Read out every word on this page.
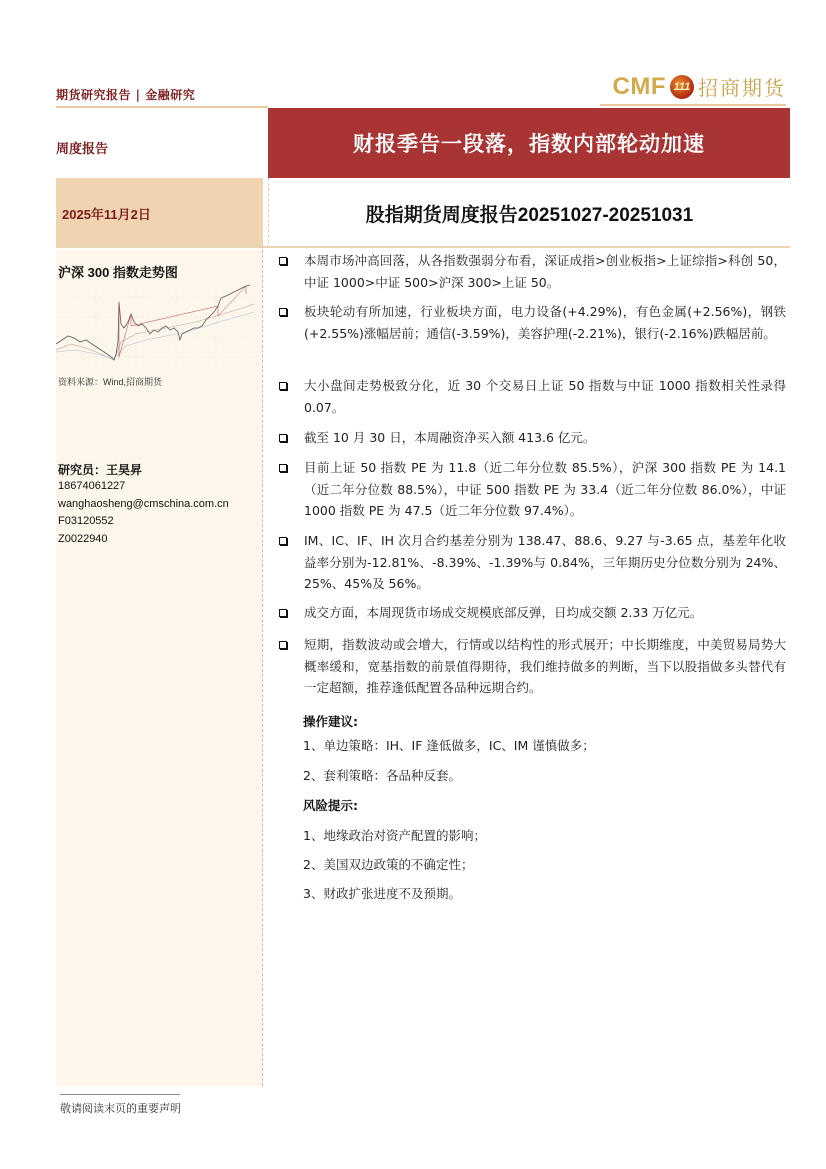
期货研究报告 | 金融研究	CMF 111 招商期货
周度报告	财报季告一段落，指数内部轮动加速
2025年11月2日	股指期货周度报告20251027-20251031
沪深 300 指数走势图
资料来源：Wind,招商期货
研究员：王昊昇
18674061227
wanghaosheng@cmschina.com.cn
F03120552
Z0022940
本周市场冲高回落，从各指数强弱分布看，深证成指>创业板指>上证综指>科创 50，中证 1000>中证 500>沪深 300>上证 50。
板块轮动有所加速，行业板块方面，电力设备(+4.29%)，有色金属(+2.56%)，钢铁(+2.55%)涨幅居前；通信(-3.59%)，美容护理(-2.21%)，银行(-2.16%)跌幅居前。
大小盘间走势极致分化，近 30 个交易日上证 50 指数与中证 1000 指数相关性录得 0.07。
截至 10 月 30 日，本周融资净买入额 413.6 亿元。
目前上证 50 指数 PE 为 11.8（近二年分位数 85.5%），沪深 300 指数 PE 为 14.1（近二年分位数 88.5%），中证 500 指数 PE 为 33.4（近二年分位数 86.0%），中证 1000 指数 PE 为 47.5（近二年分位数 97.4%）。
IM、IC、IF、IH 次月合约基差分别为 138.47、88.6、9.27 与-3.65 点，基差年化收益率分别为-12.81%、-8.39%、-1.39%与 0.84%，三年期历史分位数分别为 24%、25%、45%及 56%。
成交方面，本周现货市场成交规模底部反弹，日均成交额 2.33 万亿元。
短期，指数波动或会增大，行情或以结构性的形式展开；中长期维度，中美贸易局势大概率缓和，宽基指数的前景值得期待，我们维持做多的判断，当下以股指做多头替代有一定超额，推荐逢低配置各品种远期合约。
操作建议:
1、单边策略：IH、IF 逢低做多，IC、IM 谨慎做多；
2、套利策略：各品种反套。
风险提示:
1、地缘政治对资产配置的影响；
2、美国双边政策的不确定性；
3、财政扩张进度不及预期。
敬请阅读末页的重要声明
